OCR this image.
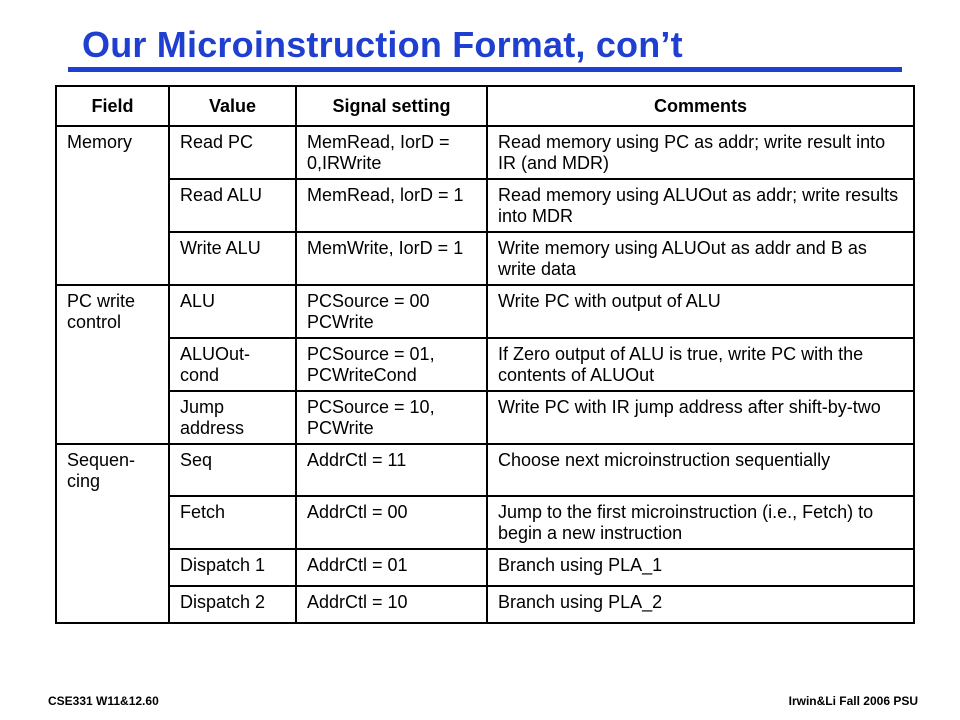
Our Microinstruction Format, con’t
Field	Value	Signal setting	Comments
Memory	Read PC	MemRead, IorD = 0,IRWrite	Read memory using PC as addr; write result into IR (and MDR)
	Read ALU	MemRead, lorD = 1	Read memory using ALUOut as addr; write results into MDR
	Write ALU	MemWrite, IorD = 1	Write memory using ALUOut as addr and B as write data
PC write control	ALU	PCSource = 00 PCWrite	Write PC with output of ALU
	ALUOut-cond	PCSource = 01, PCWriteCond	If Zero output of ALU is true, write PC with the contents of ALUOut
	Jump address	PCSource = 10, PCWrite	Write PC with IR jump address after shift-by-two
Sequen-cing	Seq	AddrCtl = 11	Choose next microinstruction sequentially
	Fetch	AddrCtl = 00	Jump to the first microinstruction (i.e., Fetch) to begin a new instruction
	Dispatch 1	AddrCtl = 01	Branch using PLA_1
	Dispatch 2	AddrCtl = 10	Branch using PLA_2
CSE331 W11&12.60	Irwin&Li Fall 2006 PSU
